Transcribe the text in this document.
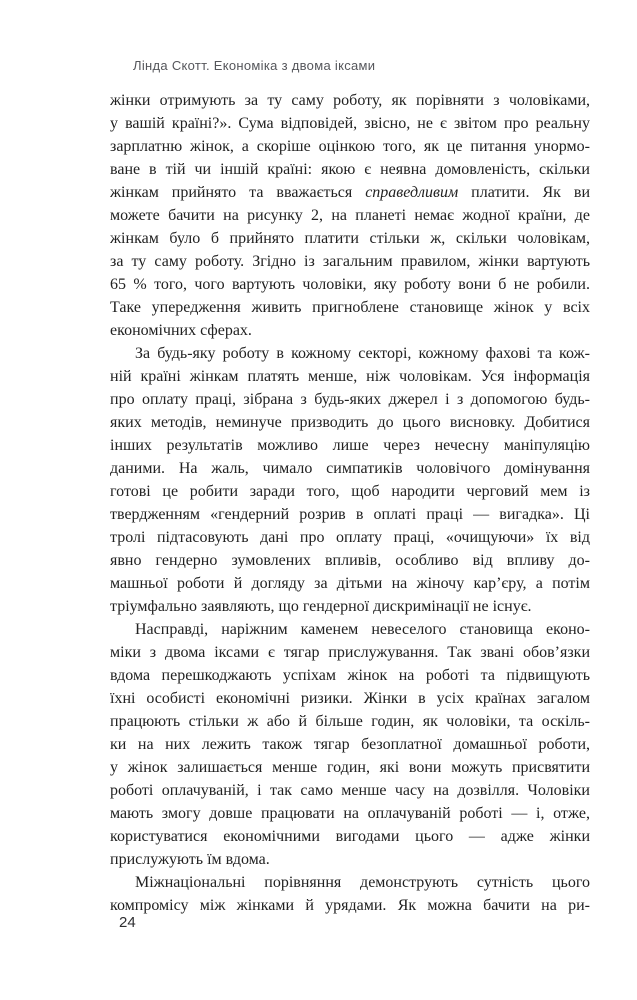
Лінда Скотт. Економіка з двома іксами
жінки отримують за ту саму роботу, як порівняти з чоловіками,
у вашій країні?». Сума відповідей, звісно, не є звітом про реальну
зарплатню жінок, а скоріше оцінкою того, як це питання унормо-
ване в тій чи іншій країні: якою є неявна домовленість, скільки
жінкам прийнято та вважається справедливим платити. Як ви
можете бачити на рисунку 2, на планеті немає жодної країни, де
жінкам було б прийнято платити стільки ж, скільки чоловікам,
за ту саму роботу. Згідно із загальним правилом, жінки вартують
65 % того, чого вартують чоловіки, яку роботу вони б не робили.
Таке упередження живить пригноблене становище жінок у всіх
економічних сферах.
За будь-яку роботу в кожному секторі, кожному фахові та кож-
ній країні жінкам платять менше, ніж чоловікам. Уся інформація
про оплату праці, зібрана з будь-яких джерел і з допомогою будь-
яких методів, неминуче призводить до цього висновку. Добитися
інших результатів можливо лише через нечесну маніпуляцію
даними. На жаль, чимало симпатиків чоловічого домінування
готові це робити заради того, щоб народити черговий мем із
твердженням «гендерний розрив в оплаті праці — вигадка». Ці
тролі підтасовують дані про оплату праці, «очищуючи» їх від
явно гендерно зумовлених впливів, особливо від впливу до-
машньої роботи й догляду за дітьми на жіночу кар’єру, а потім
тріумфально заявляють, що гендерної дискримінації не існує.
Насправді, наріжним каменем невеселого становища еконо-
міки з двома іксами є тягар прислужування. Так звані обов’язки
вдома перешкоджають успіхам жінок на роботі та підвищують
їхні особисті економічні ризики. Жінки в усіх країнах загалом
працюють стільки ж або й більше годин, як чоловіки, та оскіль-
ки на них лежить також тягар безоплатної домашньої роботи,
у жінок залишається менше годин, які вони можуть присвятити
роботі оплачуваній, і так само менше часу на дозвілля. Чоловіки
мають змогу довше працювати на оплачуваній роботі — і, отже,
користуватися економічними вигодами цього — адже жінки
прислужують їм вдома.
Міжнаціональні порівняння демонструють сутність цього
компромісу між жінками й урядами. Як можна бачити на ри-
24
